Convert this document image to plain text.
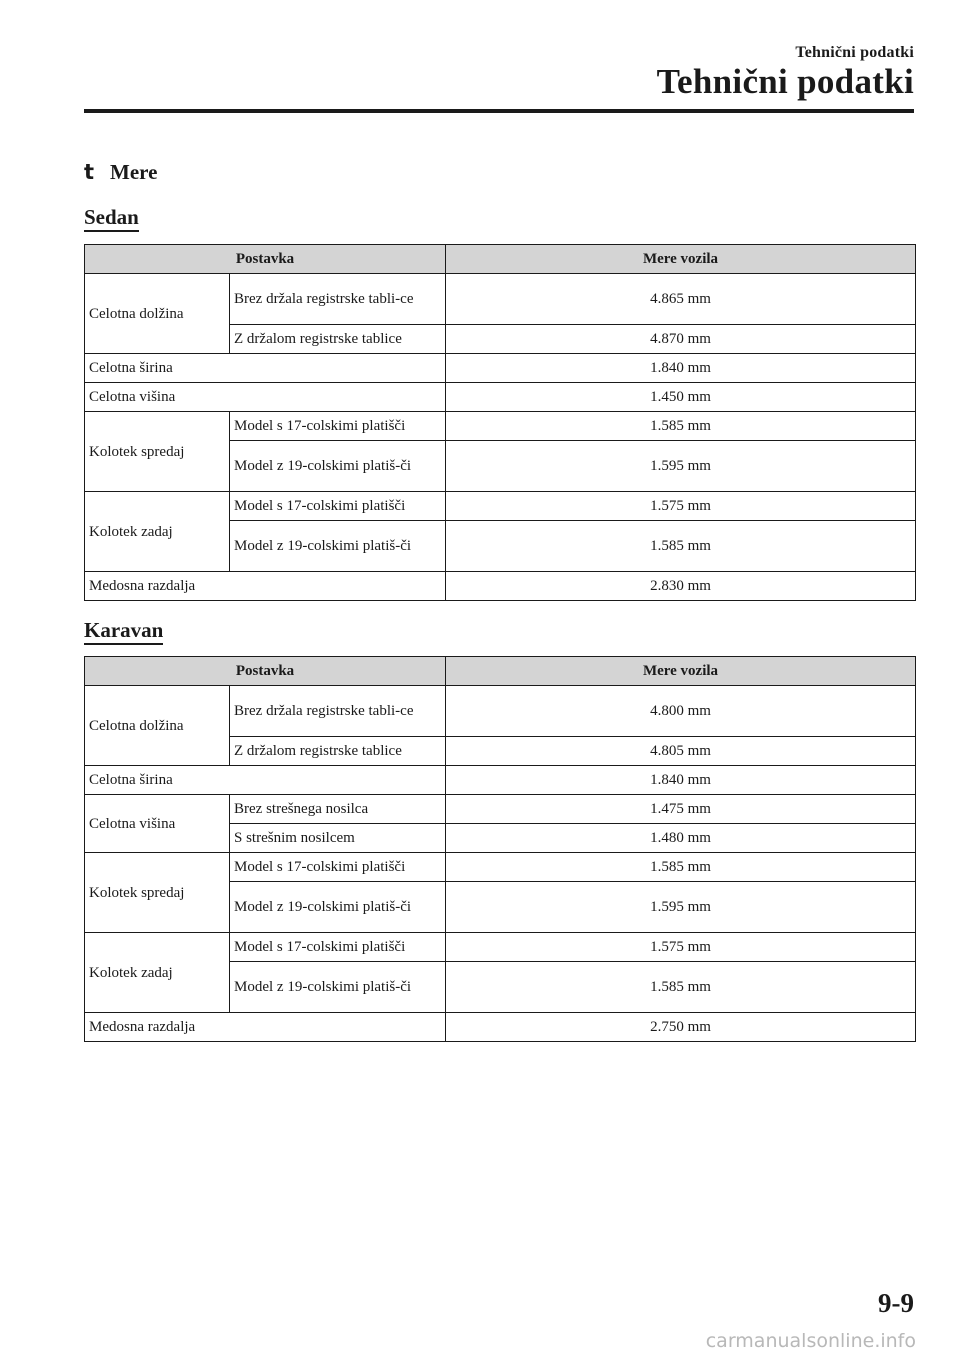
Tehnični podatki
Tehnični podatki
t Mere
Sedan
Postavka		Mere vozila
Celotna dolžina	Brez držala registrske tabli-ce	4.865 mm
	Z držalom registrske tablice	4.870 mm
Celotna širina		1.840 mm
Celotna višina		1.450 mm
Kolotek spredaj	Model s 17-colskimi platišči	1.585 mm
	Model z 19-colskimi platiš-či	1.595 mm
Kolotek zadaj	Model s 17-colskimi platišči	1.575 mm
	Model z 19-colskimi platiš-či	1.585 mm
Medosna razdalja		2.830 mm
Karavan
Postavka		Mere vozila
Celotna dolžina	Brez držala registrske tabli-ce	4.800 mm
	Z držalom registrske tablice	4.805 mm
Celotna širina		1.840 mm
Celotna višina	Brez strešnega nosilca	1.475 mm
	S strešnim nosilcem	1.480 mm
Kolotek spredaj	Model s 17-colskimi platišči	1.585 mm
	Model z 19-colskimi platiš-či	1.595 mm
Kolotek zadaj	Model s 17-colskimi platišči	1.575 mm
	Model z 19-colskimi platiš-či	1.585 mm
Medosna razdalja		2.750 mm
9-9
carmanualsonline.info
